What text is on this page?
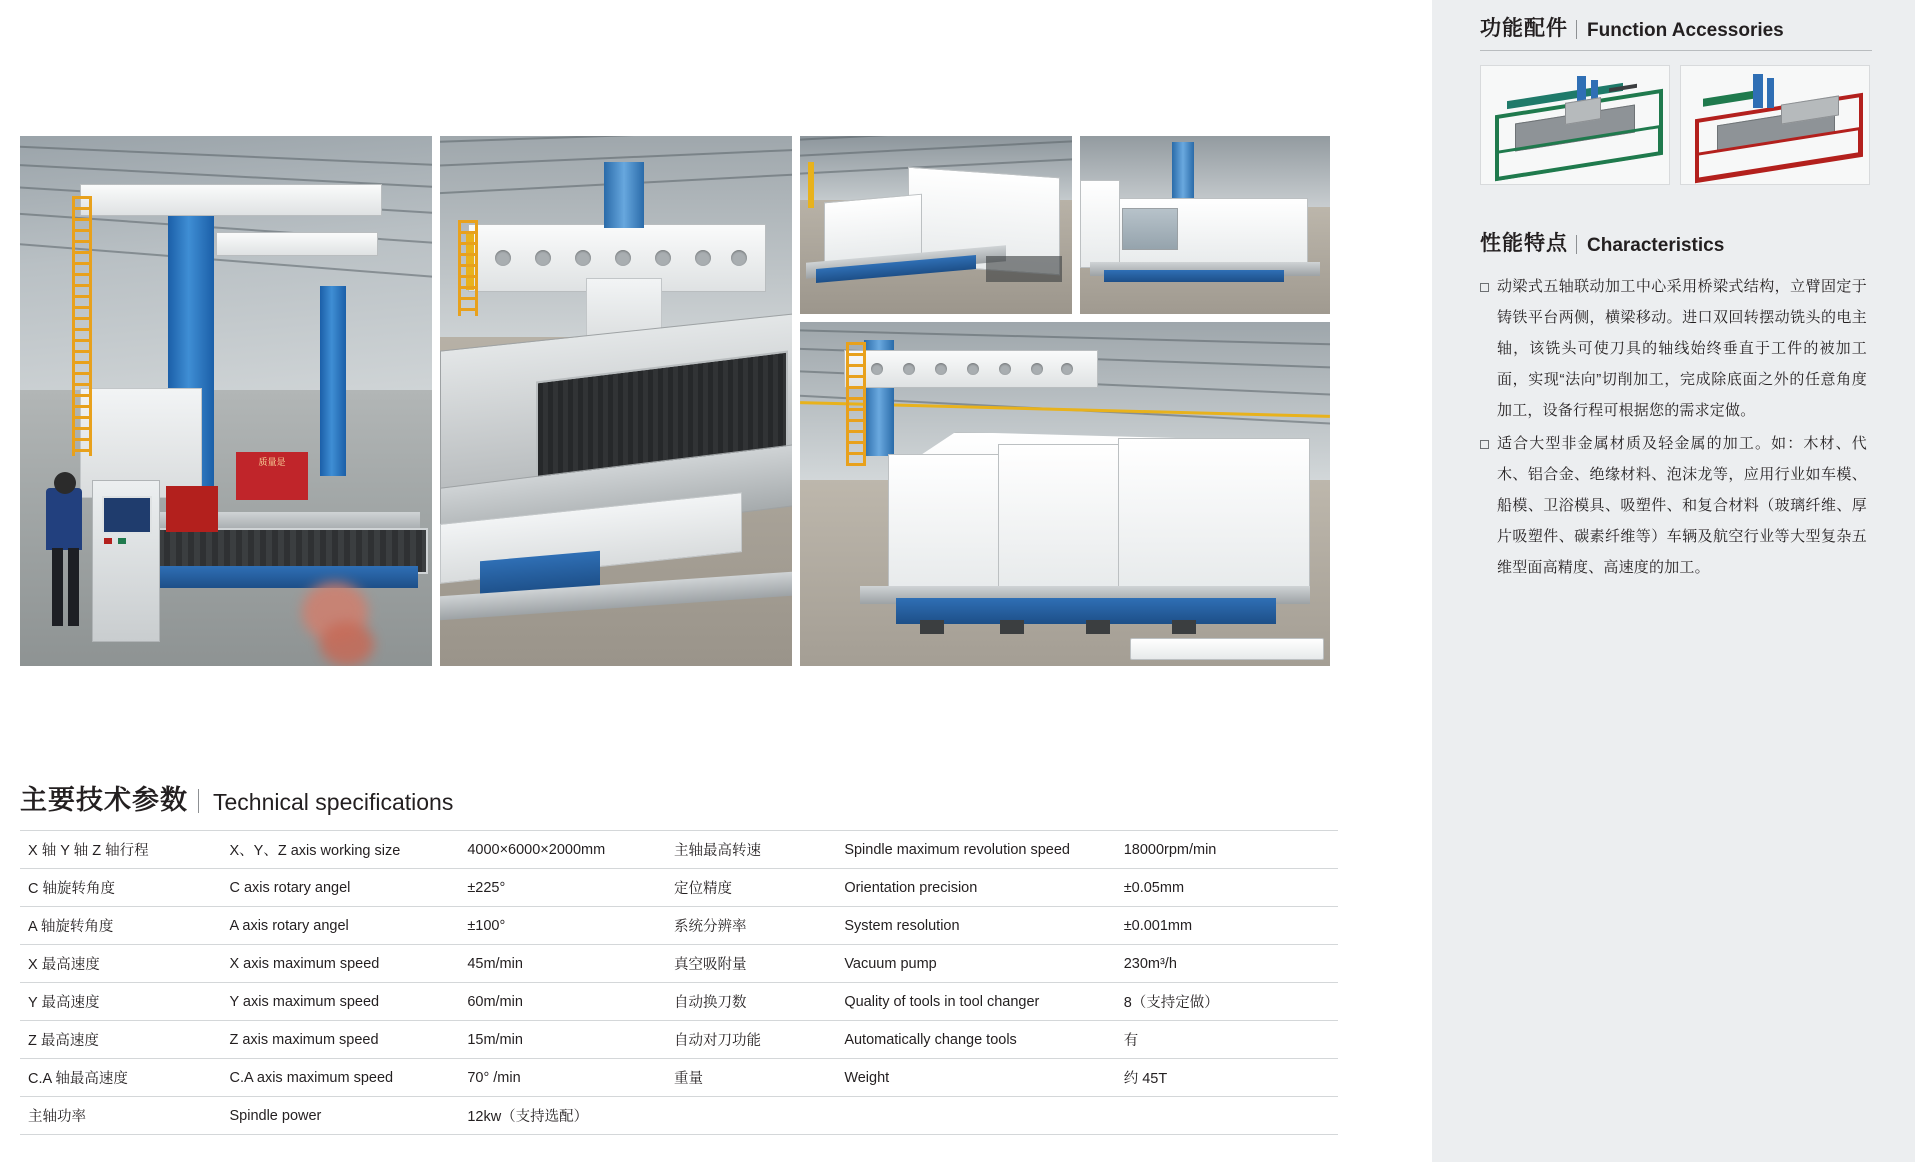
质量是
主要技术参数 Technical specifications
X 轴 Y 轴 Z 轴行程	X、Y、Z axis working size	4000×6000×2000mm	主轴最高转速	Spindle maximum revolution speed	18000rpm/min
C 轴旋转角度	C axis rotary angel	±225°	定位精度	Orientation precision	±0.05mm
A 轴旋转角度	A axis rotary angel	±100°	系统分辨率	System resolution	±0.001mm
X 最高速度	X axis maximum speed	45m/min	真空吸附量	Vacuum pump	230m³/h
Y 最高速度	Y axis maximum speed	60m/min	自动换刀数	Quality of tools in tool changer	8（支持定做）
Z 最高速度	Z axis maximum speed	15m/min	自动对刀功能	Automatically change tools	有
C.A 轴最高速度	C.A axis maximum speed	70° /min	重量	Weight	约 45T
主轴功率	Spindle power	12kw（支持选配）			
功能配件 Function Accessories
性能特点 Characteristics
动梁式五轴联动加工中心采用桥梁式结构，立臂固定于铸铁平台两侧，横梁移动。进口双回转摆动铣头的电主轴，该铣头可使刀具的轴线始终垂直于工件的被加工面，实现“法向”切削加工，完成除底面之外的任意角度加工，设备行程可根据您的需求定做。
适合大型非金属材质及轻金属的加工。如：木材、代木、铝合金、绝缘材料、泡沫龙等，应用行业如车模、船模、卫浴模具、吸塑件、和复合材料（玻璃纤维、厚片吸塑件、碳素纤维等）车辆及航空行业等大型复杂五维型面高精度、高速度的加工。
